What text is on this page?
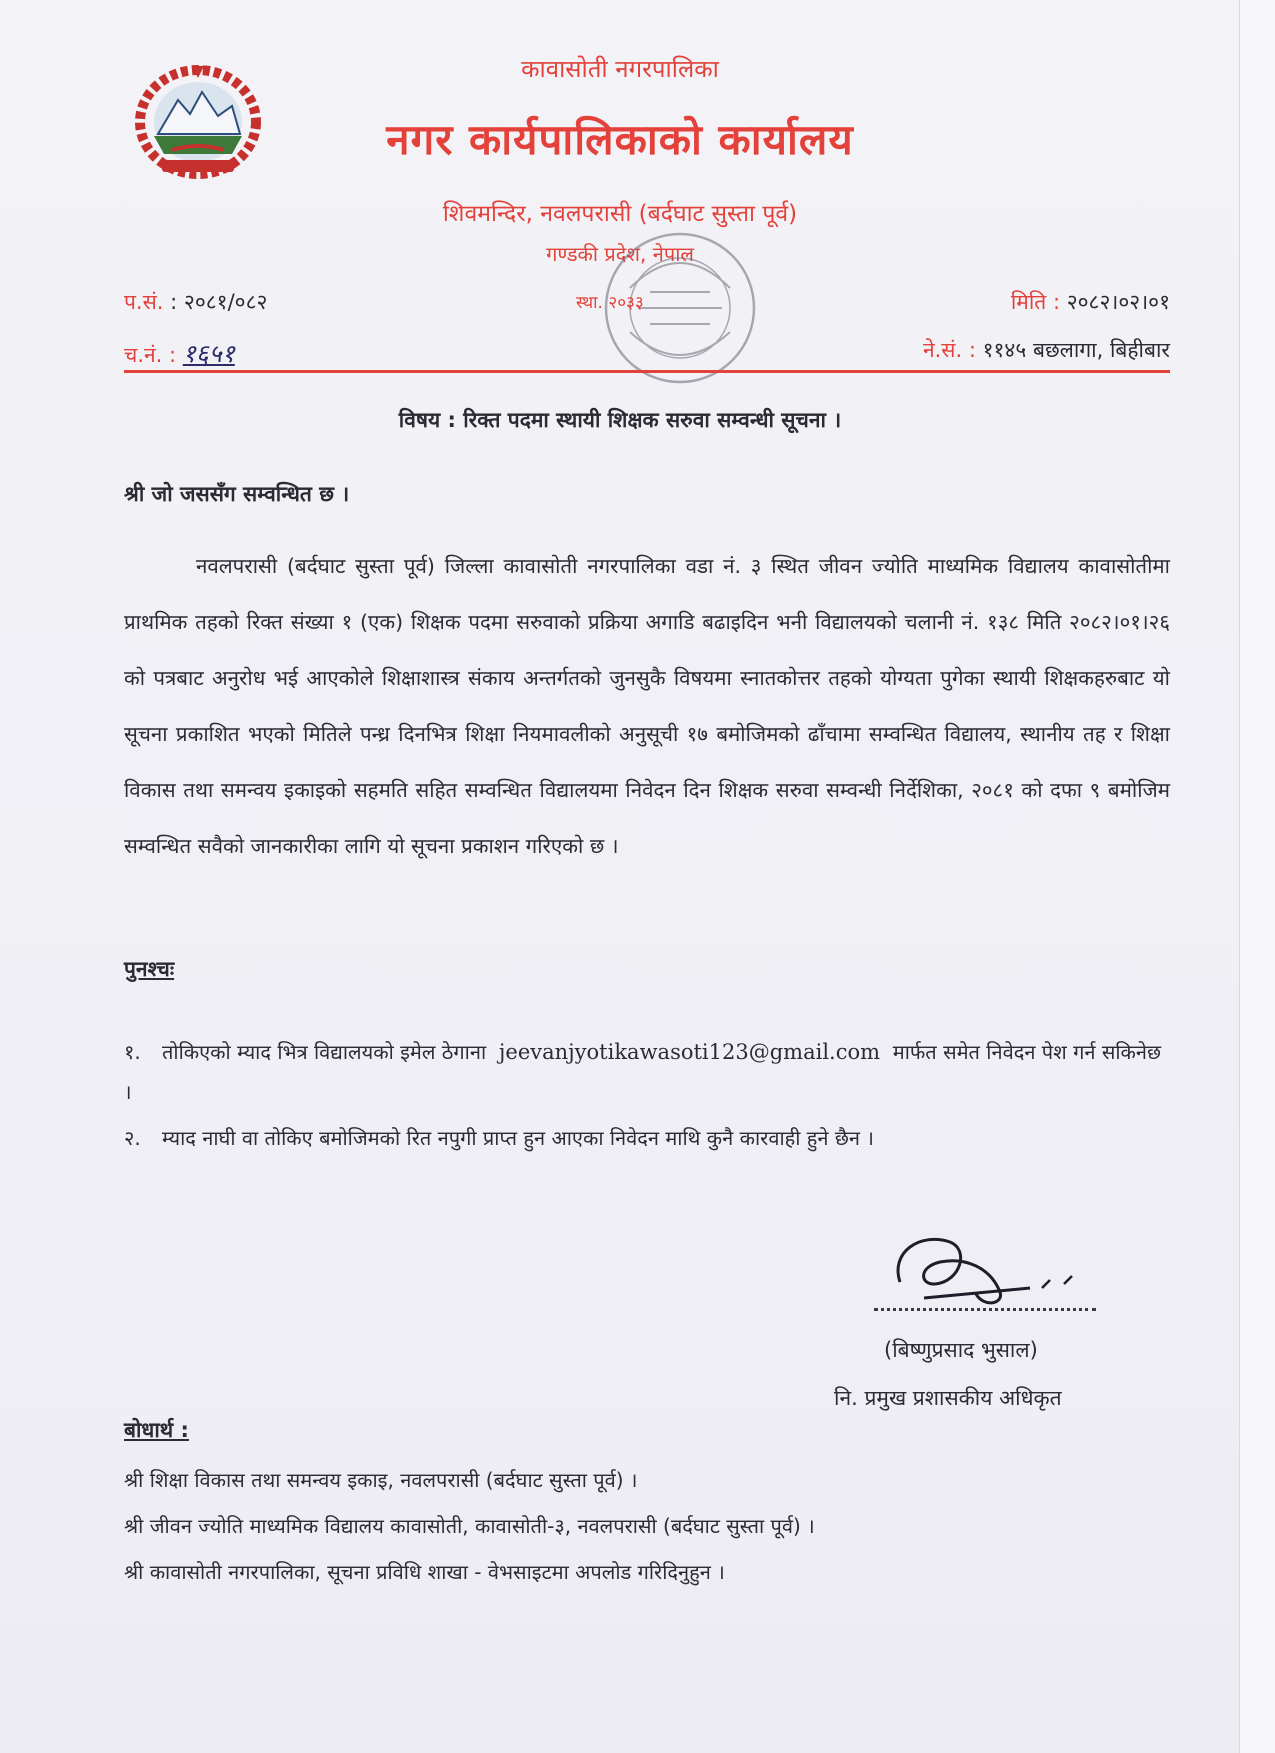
कावासोती नगरपालिका
नगर कार्यपालिकाको कार्यालय
शिवमन्दिर, नवलपरासी (बर्दघाट सुस्ता पूर्व)
गण्डकी प्रदेश, नेपाल
प.सं. : २०८१/०८२
च.नं. : १६५१
स्था. २०३३	मिति : २०८२।०२।०१
ने.सं. : ११४५ बछलागा, बिहीबार
विषय : रिक्त पदमा स्थायी शिक्षक सरुवा सम्वन्धी सूचना ।
श्री जो जससँग सम्वन्धित छ ।

नवलपरासी (बर्दघाट सुस्ता पूर्व) जिल्ला कावासोती नगरपालिका वडा नं. ३ स्थित जीवन ज्योति माध्यमिक विद्यालय कावासोतीमा प्राथमिक तहको रिक्त संख्या १ (एक) शिक्षक पदमा सरुवाको प्रक्रिया अगाडि बढाइदिन भनी विद्यालयको चलानी नं. १३८ मिति २०८२।०१।२६ को पत्रबाट अनुरोध भई आएकोले शिक्षाशास्त्र संकाय अन्तर्गतको जुनसुकै विषयमा स्नातकोत्तर तहको योग्यता पुगेका स्थायी शिक्षकहरुबाट यो सूचना प्रकाशित भएको मितिले पन्ध्र दिनभित्र शिक्षा नियमावलीको अनुसूची १७ बमोजिमको ढाँचामा सम्वन्धित विद्यालय, स्थानीय तह र शिक्षा विकास तथा समन्वय इकाइको सहमति सहित सम्वन्धित विद्यालयमा निवेदन दिन शिक्षक सरुवा सम्वन्धी निर्देशिका, २०८१ को दफा ९ बमोजिम सम्वन्धित सवैको जानकारीका लागि यो सूचना प्रकाशन गरिएको छ ।

पुनश्चः
१. तोकिएको म्याद भित्र विद्यालयको इमेल ठेगाना jeevanjyotikawasoti123@gmail.com मार्फत समेत निवेदन पेश गर्न सकिनेछ ।
२. म्याद नाघी वा तोकिए बमोजिमको रित नपुगी प्राप्त हुन आएका निवेदन माथि कुनै कारवाही हुने छैन ।
(बिष्णुप्रसाद भुसाल)
नि. प्रमुख प्रशासकीय अधिकृत
बोधार्थ :
श्री शिक्षा विकास तथा समन्वय इकाइ, नवलपरासी (बर्दघाट सुस्ता पूर्व) ।
श्री जीवन ज्योति माध्यमिक विद्यालय कावासोती, कावासोती-३, नवलपरासी (बर्दघाट सुस्ता पूर्व) ।
श्री कावासोती नगरपालिका, सूचना प्रविधि शाखा - वेभसाइटमा अपलोड गरिदिनुहुन ।
